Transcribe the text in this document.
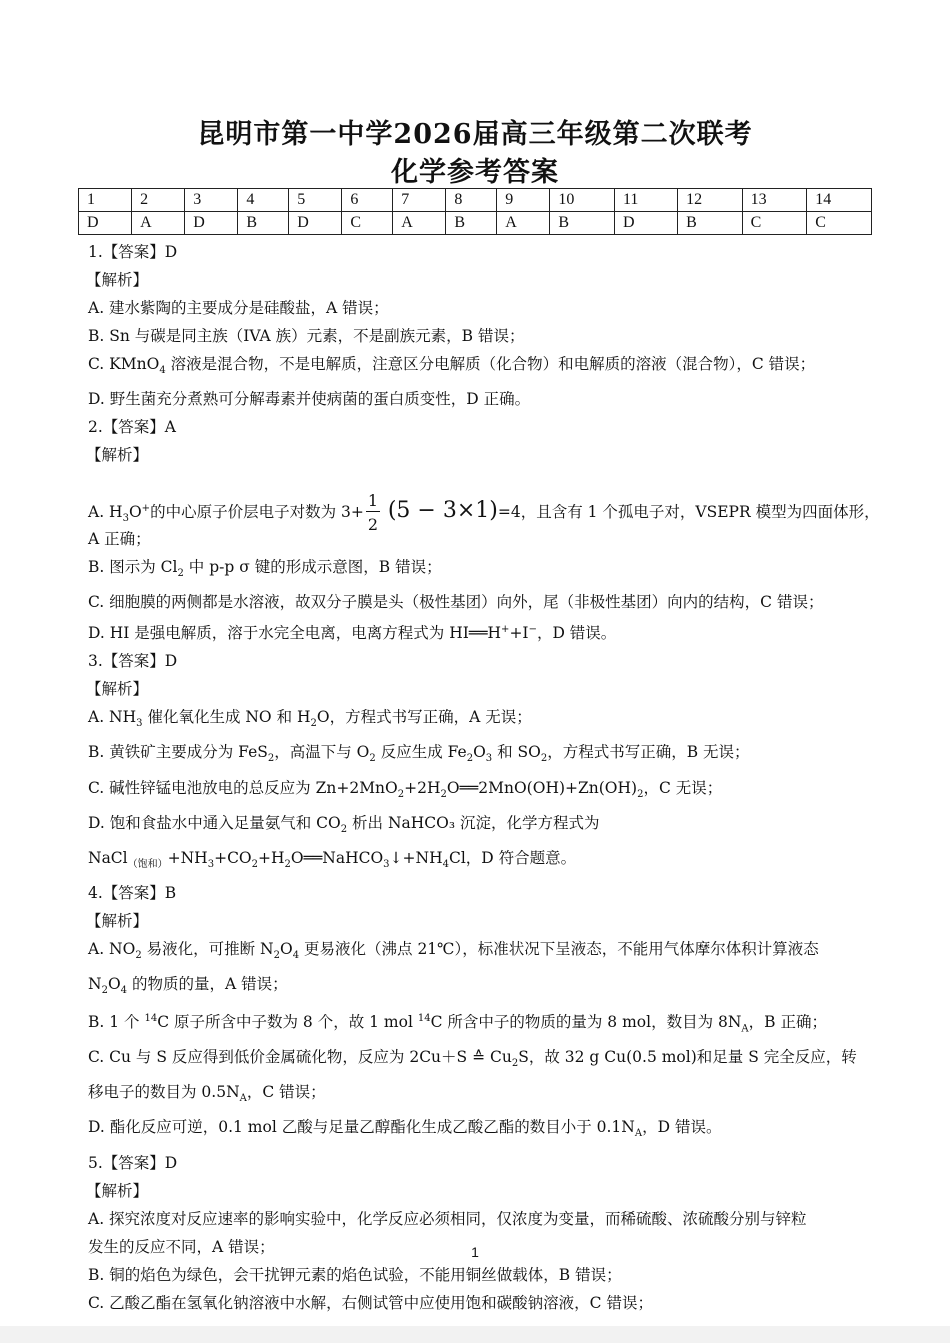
昆明市第一中学2026届高三年级第二次联考
化学参考答案
1	2	3	4	5	6	7	8	9	10	11	12	13	14
D	A	D	B	D	C	A	B	A	B	D	B	C	C

1.【答案】D

【解析】

A. 建水紫陶的主要成分是硅酸盐，A 错误；

B. Sn 与碳是同主族（IVA 族）元素，不是副族元素，B 错误；

C. KMnO$_4$ 溶液是混合物，不是电解质，注意区分电解质（化合物）和电解质的溶液（混合物），C 错误；

D. 野生菌充分煮熟可分解毒素并使病菌的蛋白质变性，D 正确。

2.【答案】A

【解析】

A. $H_3O^+$的中心原子价层电子对数为 $3+ \frac{1}{2} (5 - 3\times 1)=4$，且含有 1 个孤电子对，VSEPR 模型为四面体形，

A 正确；

B. 图示为 $Cl_2$ 中 p-p σ 键的形成示意图，B 错误；

C. 细胞膜的两侧都是水溶液，故双分子膜是头（极性基团）向外，尾（非极性基团）向内的结构，C 错误；

D. HI 是强电解质，溶于水完全电离，电离方程式为 HI══H++I−，D 错误。

3.【答案】D

【解析】

A. $NH_3$ 催化氧化生成 NO 和 $H_2O$，方程式书写正确，A 无误；

B. 黄铁矿主要成分为 FeS$_2$，高温下与 $O_2$ 反应生成 $Fe_2O_3$ 和 $SO_2$，方程式书写正确，B 无误；

C. 碱性锌锰电池放电的总反应为 $Zn+2MnO_2+2H_2O══2MnO(OH)+Zn(OH)_2$，C 无误；

D. 饱和食盐水中通入足量氨气和 $CO_2$ 析出 NaHCO₃ 沉淀，化学方程式为

$NaCl_{(饱和)}+NH_3+CO_2+H_2O══NaHCO_3↓+NH_4Cl$，D 符合题意。

4.【答案】B

【解析】

A. $NO_2$ 易液化，可推断 $N_2O_4$ 更易液化（沸点 21℃），标准状况下呈液态，不能用气体摩尔体积计算液态

$N_2O_4$ 的物质的量，A 错误；

B. 1 个 $^{14}$C 原子所含中子数为 8 个，故 1 mol $^{14}$C 所含中子的物质的量为 8 mol，数目为 $8N_A$，B 正确；

C. Cu 与 S 反应得到低价金属硫化物，反应为 2Cu＋S ≙ $Cu_2S$，故 32 g Cu(0.5 mol)和足量 S 完全反应，转

移电子的数目为 $0.5N_A$，C 错误；

D. 酯化反应可逆，0.1 mol 乙酸与足量乙醇酯化生成乙酸乙酯的数目小于 $0.1N_A$，D 错误。

5.【答案】D

【解析】

A. 探究浓度对反应速率的影响实验中，化学反应必须相同，仅浓度为变量，而稀硫酸、浓硫酸分别与锌粒

发生的反应不同，A 错误；

B. 铜的焰色为绿色，会干扰钾元素的焰色试验，不能用铜丝做载体，B 错误；

C. 乙酸乙酯在氢氧化钠溶液中水解，右侧试管中应使用饱和碳酸钠溶液，C 错误；

1
